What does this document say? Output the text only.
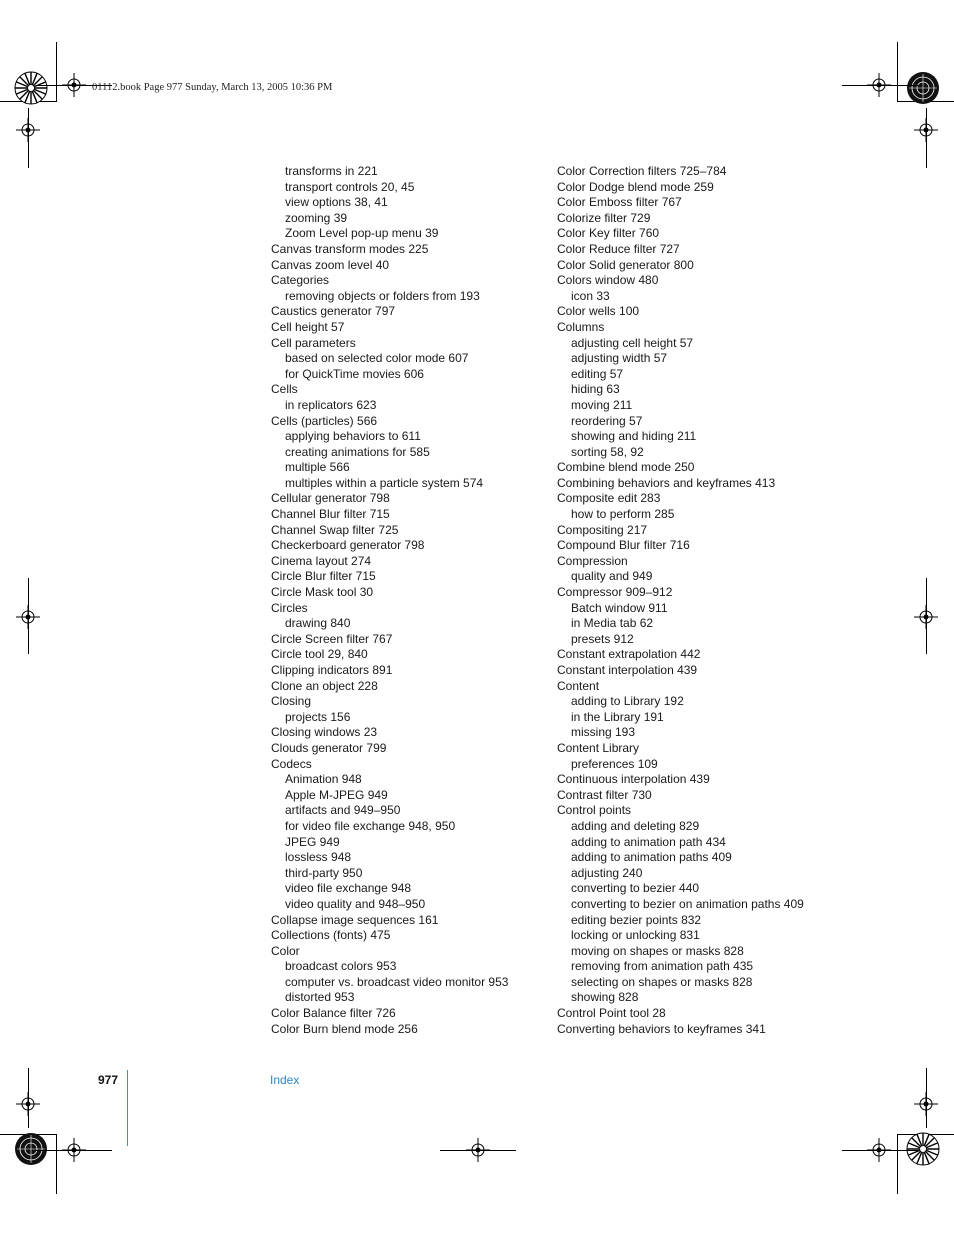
01112.book Page 977 Sunday, March 13, 2005 10:36 PM
transforms in 221
transport controls 20, 45
view options 38, 41
zooming 39
Zoom Level pop-up menu 39
Canvas transform modes 225
Canvas zoom level 40
Categories
removing objects or folders from 193
Caustics generator 797
Cell height 57
Cell parameters
based on selected color mode 607
for QuickTime movies 606
Cells
in replicators 623
Cells (particles) 566
applying behaviors to 611
creating animations for 585
multiple 566
multiples within a particle system 574
Cellular generator 798
Channel Blur filter 715
Channel Swap filter 725
Checkerboard generator 798
Cinema layout 274
Circle Blur filter 715
Circle Mask tool 30
Circles
drawing 840
Circle Screen filter 767
Circle tool 29, 840
Clipping indicators 891
Clone an object 228
Closing
projects 156
Closing windows 23
Clouds generator 799
Codecs
Animation 948
Apple M-JPEG 949
artifacts and 949–950
for video file exchange 948, 950
JPEG 949
lossless 948
third-party 950
video file exchange 948
video quality and 948–950
Collapse image sequences 161
Collections (fonts) 475
Color
broadcast colors 953
computer vs. broadcast video monitor 953
distorted 953
Color Balance filter 726
Color Burn blend mode 256
Color Correction filters 725–784
Color Dodge blend mode 259
Color Emboss filter 767
Colorize filter 729
Color Key filter 760
Color Reduce filter 727
Color Solid generator 800
Colors window 480
icon 33
Color wells 100
Columns
adjusting cell height 57
adjusting width 57
editing 57
hiding 63
moving 211
reordering 57
showing and hiding 211
sorting 58, 92
Combine blend mode 250
Combining behaviors and keyframes 413
Composite edit 283
how to perform 285
Compositing 217
Compound Blur filter 716
Compression
quality and 949
Compressor 909–912
Batch window 911
in Media tab 62
presets 912
Constant extrapolation 442
Constant interpolation 439
Content
adding to Library 192
in the Library 191
missing 193
Content Library
preferences 109
Continuous interpolation 439
Contrast filter 730
Control points
adding and deleting 829
adding to animation path 434
adding to animation paths 409
adjusting 240
converting to bezier 440
converting to bezier on animation paths 409
editing bezier points 832
locking or unlocking 831
moving on shapes or masks 828
removing from animation path 435
selecting on shapes or masks 828
showing 828
Control Point tool 28
Converting behaviors to keyframes 341
977	Index
